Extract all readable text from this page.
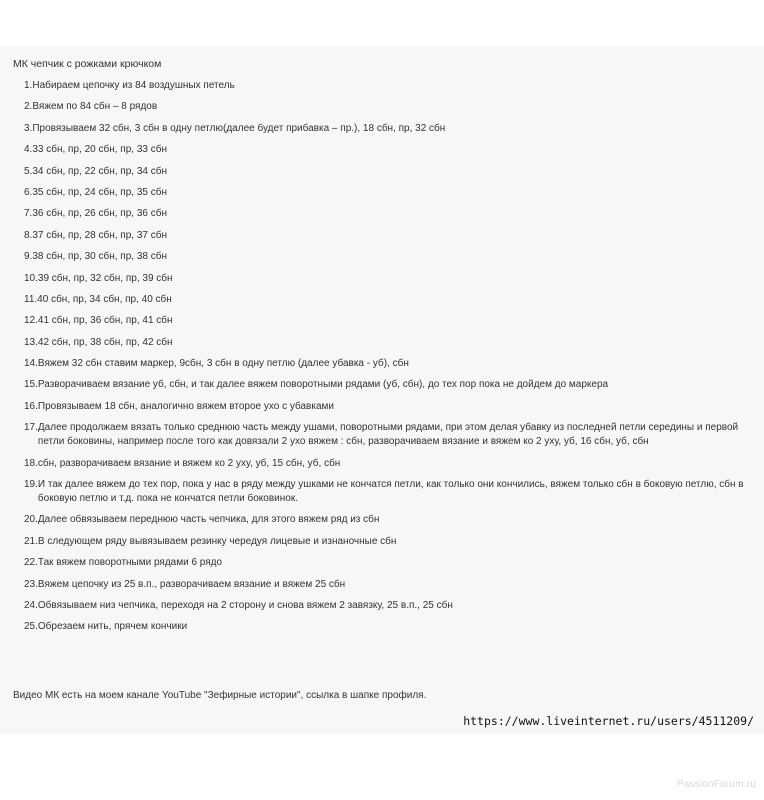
МК чепчик с рожками крючком
1. Набираем цепочку из 84 воздушных петель
2. Вяжем по 84 сбн – 8 рядов
3. Провязываем 32 сбн, 3 сбн в одну петлю(далее будет прибавка – пр.), 18 сбн, пр, 32 сбн
4. 33 сбн, пр, 20 сбн, пр, 33 сбн
5. 34 сбн, пр, 22 сбн, пр, 34 сбн
6. 35 сбн, пр, 24 сбн, пр, 35 сбн
7. 36 сбн, пр, 26 сбн, пр, 36 сбн
8. 37 сбн, пр, 28 сбн, пр, 37 сбн
9. 38 сбн, пр, 30 сбн, пр, 38 сбн
10. 39 сбн, пр, 32 сбн, пр, 39 сбн
11. 40 сбн, пр, 34 сбн, пр, 40 сбн
12. 41 сбн, пр, 36 сбн, пр, 41 сбн
13. 42 сбн, пр, 38 сбн, пр, 42 сбн
14. Вяжем 32 сбн ставим маркер, 9сбн, 3 сбн в одну петлю (далее убавка - уб), сбн
15. Разворачиваем вязание уб, сбн, и так далее вяжем поворотными рядами (уб, сбн), до тех пор пока не дойдем до маркера
16. Провязываем 18 сбн, аналогично вяжем второе ухо с убавками
17. Далее продолжаем вязать только среднюю часть между ушами, поворотными рядами, при этом делая убавку из последней петли середины и первой петли боковины, например после того как довязали 2 ухо вяжем : сбн, разворачиваем вязание и вяжем ко 2 уху, уб, 16 сбн, уб, сбн
18. сбн, разворачиваем вязание и вяжем ко 2 уху, уб, 15 сбн, уб, сбн
19. И так далее вяжем до тех пор, пока у нас в ряду между ушками не кончатся петли, как только они кончились, вяжем только сбн в боковую петлю, сбн в боковую петлю и т.д. пока не кончатся петли боковинок.
20. Далее обвязываем переднюю часть чепчика, для этого вяжем ряд из сбн
21. В следующем ряду вывязываем резинку чередуя лицевые и изнаночные сбн
22. Так вяжем поворотными рядами 6 рядо
23. Вяжем цепочку из 25 в.п., разворачиваем вязание и вяжем 25 сбн
24. Обвязываем низ чепчика, переходя на 2 сторону и снова вяжем 2 завязку, 25 в.п., 25 сбн
25. Обрезаем нить, прячем кончики
Видео МК есть на моем канале YouTube "Зефирные истории", ссылка в шапке профиля.
https://www.liveinternet.ru/users/4511209/
PassionForum.ru
